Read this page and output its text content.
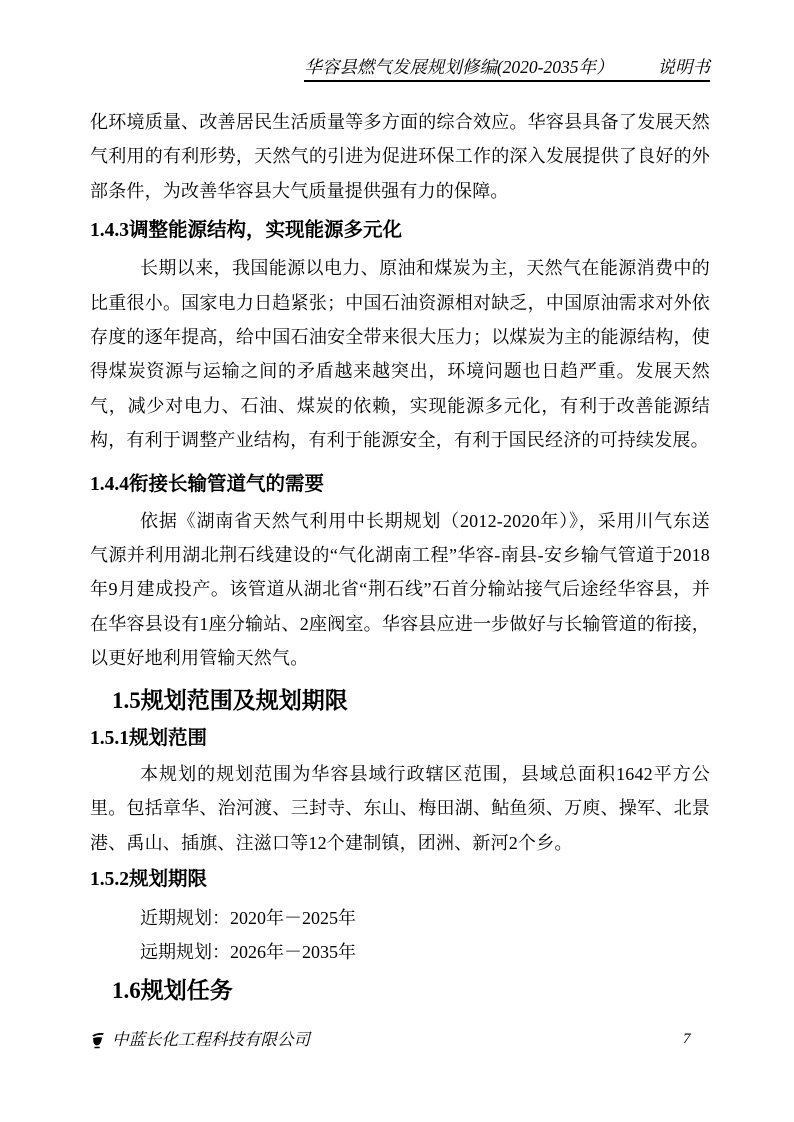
华容县燃气发展规划修编(2020-2035年）	说明书

化环境质量、改善居民生活质量等多方面的综合效应。华容县具备了发展天然气利用的有利形势，天然气的引进为促进环保工作的深入发展提供了良好的外部条件，为改善华容县大气质量提供强有力的保障。

1.4.3调整能源结构，实现能源多元化

长期以来，我国能源以电力、原油和煤炭为主，天然气在能源消费中的比重很小。国家电力日趋紧张；中国石油资源相对缺乏，中国原油需求对外依存度的逐年提高，给中国石油安全带来很大压力；以煤炭为主的能源结构，使得煤炭资源与运输之间的矛盾越来越突出，环境问题也日趋严重。发展天然气，减少对电力、石油、煤炭的依赖，实现能源多元化，有利于改善能源结构，有利于调整产业结构，有利于能源安全，有利于国民经济的可持续发展。

1.4.4衔接长输管道气的需要

依据《湖南省天然气利用中长期规划（2012-2020年）》，采用川气东送气源并利用湖北荆石线建设的“气化湖南工程”华容-南县-安乡输气管道于2018年9月建成投产。该管道从湖北省“荆石线”石首分输站接气后途经华容县，并在华容县设有1座分输站、2座阀室。华容县应进一步做好与长输管道的衔接，以更好地利用管输天然气。

1.5规划范围及规划期限
1.5.1规划范围

本规划的规划范围为华容县域行政辖区范围，县域总面积1642平方公里。包括章华、治河渡、三封寺、东山、梅田湖、鲇鱼须、万庾、操军、北景港、禹山、插旗、注滋口等12个建制镇，团洲、新河2个乡。

1.5.2规划期限

近期规划：2020年－2025年

远期规划：2026年－2035年

1.6规划任务
中蓝长化工程科技有限公司	7
